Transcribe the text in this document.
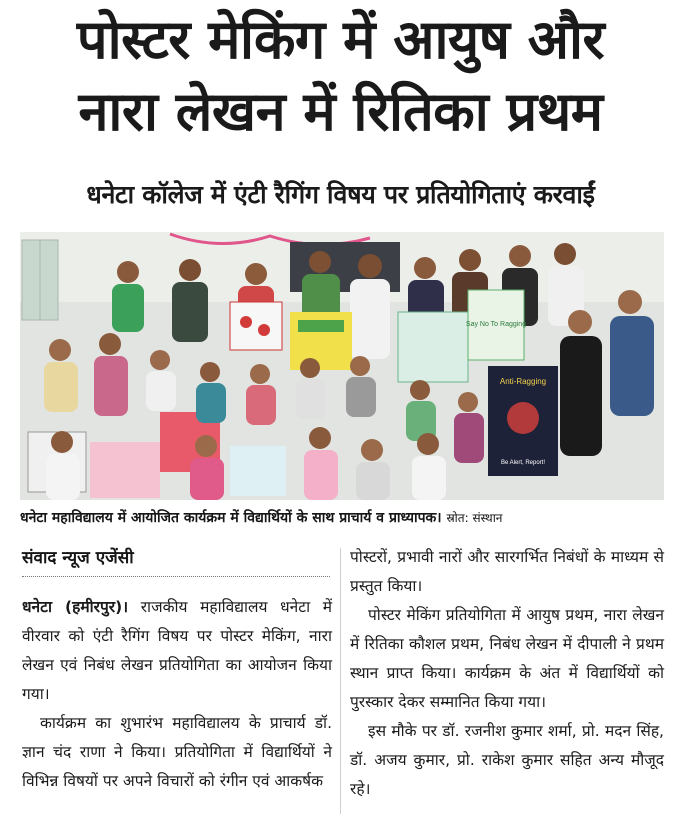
पोस्टर मेकिंग में आयुष और
नारा लेखन में रितिका प्रथम
धनेटा कॉलेज में एंटी रैगिंग विषय पर प्रतियोगिताएं करवाईं
Say No To Ragging
Anti-Ragging
Be Alert, Report!
धनेटा महाविद्यालय में आयोजित कार्यक्रम में विद्यार्थियों के साथ प्राचार्य व प्राध्यापक। स्रोत: संस्थान
संवाद न्यूज एजेंसी

धनेटा (हमीरपुर)। राजकीय महाविद्यालय धनेटा में वीरवार को एंटी रैगिंग विषय पर पोस्टर मेकिंग, नारा लेखन एवं निबंध लेखन प्रतियोगिता का आयोजन किया गया।

कार्यक्रम का शुभारंभ महाविद्यालय के प्राचार्य डॉ. ज्ञान चंद राणा ने किया। प्रतियोगिता में विद्यार्थियों ने विभिन्न विषयों पर अपने विचारों को रंगीन एवं आकर्षक

पोस्टरों, प्रभावी नारों और सारगर्भित निबंधों के माध्यम से प्रस्तुत किया।

पोस्टर मेकिंग प्रतियोगिता में आयुष प्रथम, नारा लेखन में रितिका कौशल प्रथम, निबंध लेखन में दीपाली ने प्रथम स्थान प्राप्त किया। कार्यक्रम के अंत में विद्यार्थियों को पुरस्कार देकर सम्मानित किया गया।

इस मौके पर डॉ. रजनीश कुमार शर्मा, प्रो. मदन सिंह, डॉ. अजय कुमार, प्रो. राकेश कुमार सहित अन्य मौजूद रहे।
